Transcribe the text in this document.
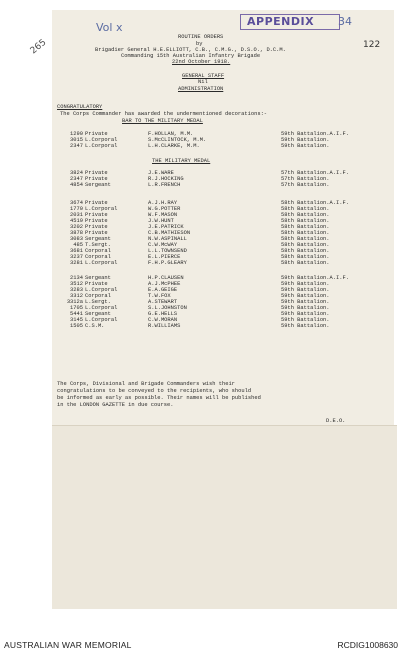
Vol x
265	122
APPENDIX	34
ROUTINE ORDERS
by
Brigadier General H.E.ELLIOTT, C.B., C.M.G., D.S.O., D.C.M.
Commanding 15th Australian Infantry Brigade
22nd October 1918.
GENERAL STAFF
Nil
ADMINISTRATION
CONGRATULATORY
The Corps Commander has awarded the undermentioned decorations:-
BAR TO THE MILITARY MEDAL
1290 Private	F.HOLLAN, M.M.	59th Battalion.A.I.F.
3015 L.Corporal	S.McCLINTOCK, M.M.	59th Battalion.
2347 L.Corporal	L.H.CLARKE, M.M.	59th Battalion.
THE MILITARY MEDAL
3824 Private	J.E.WARE	57th Battalion.A.I.F.
2347 Private	R.J.HOCKING	57th Battalion.
4854 Sergeant	L.R.FRENCH	57th Battalion.
3674 Private	A.J.H.RAY	58th Battalion.A.I.F.
1770 L.Corporal	W.G.POTTER	58th Battalion.
2031 Private	W.F.MASON	58th Battalion.
4519 Private	J.W.HUNT	58th Battalion.
3202 Private	J.E.PATRICK	58th Battalion.
3878 Private	C.B.MATHIESON	58th Battalion.
3083 Sergeant	N.W.ASPINALL	58th Battalion.
485 T.Sergt.	C.W.McWAY	58th Battalion.
3681 Corporal	L.L.TOWNSEND	58th Battalion.
3237 Corporal	E.L.PIERCE	58th Battalion.
3281 L.Corporal	F.H.P.GLEARY	58th Battalion.
2134 Sergeant	H.P.CLAUSEN	59th Battalion.A.I.F.
3512 Private	A.J.McPHEE	59th Battalion.
3283 L.Corporal	E.A.GEIGE	59th Battalion.
3312 Corporal	T.W.FOX	59th Battalion.
3312a L.Sergt.	A.STEWART	59th Battalion.
1705 L.Corporal	S.L.JOHNSTON	59th Battalion.
5441 Sergeant	G.E.HELLS	59th Battalion.
3145 L.Corporal	C.W.MORAN	59th Battalion.
1505 C.S.M.	R.WILLIAMS	59th Battalion.
The Corps, Divisional and Brigade Commanders wish their
congratulations to be conveyed to the recipients, who should
be informed as early as possible. Their names will be published
in the LONDON GAZETTE in due course.
D.E.O.
AUSTRALIAN WAR MEMORIAL	RCDIG1008630
